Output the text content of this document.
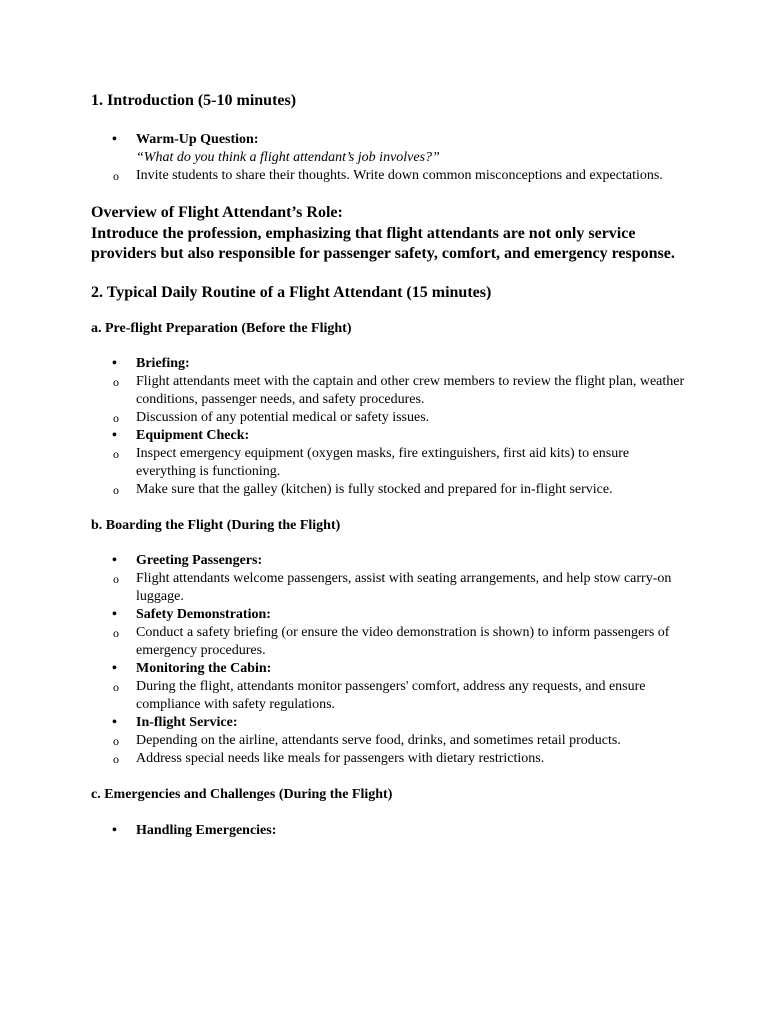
1. Introduction (5-10 minutes)
• Warm-Up Question:
“What do you think a flight attendant’s job involves?”
o Invite students to share their thoughts. Write down common misconceptions and expectations.
Overview of Flight Attendant’s Role:
Introduce the profession, emphasizing that flight attendants are not only service providers but also responsible for passenger safety, comfort, and emergency response.
2. Typical Daily Routine of a Flight Attendant (15 minutes)
a. Pre-flight Preparation (Before the Flight)
• Briefing:
o Flight attendants meet with the captain and other crew members to review the flight plan, weather conditions, passenger needs, and safety procedures.
o Discussion of any potential medical or safety issues.
• Equipment Check:
o Inspect emergency equipment (oxygen masks, fire extinguishers, first aid kits) to ensure everything is functioning.
o Make sure that the galley (kitchen) is fully stocked and prepared for in-flight service.
b. Boarding the Flight (During the Flight)
• Greeting Passengers:
o Flight attendants welcome passengers, assist with seating arrangements, and help stow carry-on luggage.
• Safety Demonstration:
o Conduct a safety briefing (or ensure the video demonstration is shown) to inform passengers of emergency procedures.
• Monitoring the Cabin:
o During the flight, attendants monitor passengers' comfort, address any requests, and ensure compliance with safety regulations.
• In-flight Service:
o Depending on the airline, attendants serve food, drinks, and sometimes retail products.
o Address special needs like meals for passengers with dietary restrictions.
c. Emergencies and Challenges (During the Flight)
• Handling Emergencies:
